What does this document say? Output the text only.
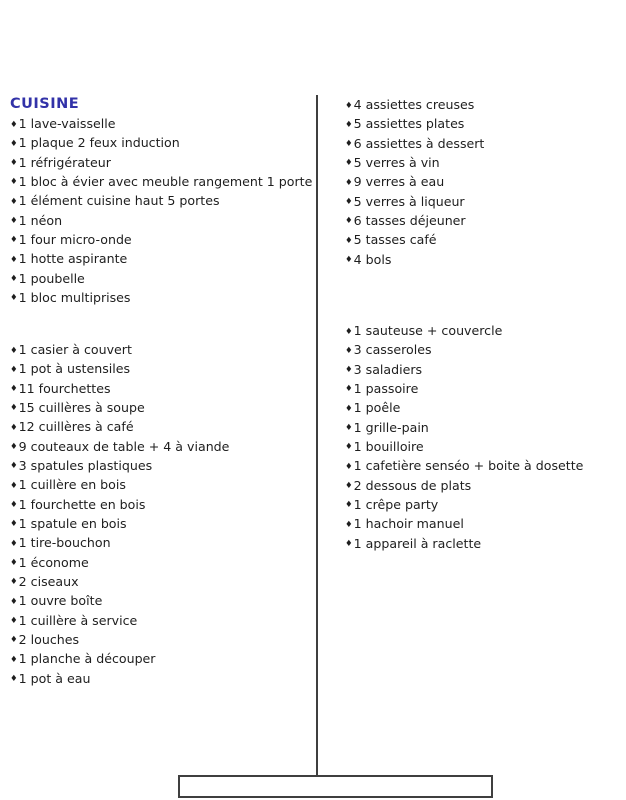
CUISINE
♦1 lave-vaisselle
♦1 plaque 2 feux induction
♦1 réfrigérateur
♦1 bloc à évier avec meuble rangement 1 porte
♦1 élément cuisine haut 5 portes
♦1 néon
♦1 four micro-onde
♦1 hotte aspirante
♦1 poubelle
♦1 bloc multiprises
♦1 casier à couvert
♦1 pot à ustensiles
♦11 fourchettes
♦15 cuillères à soupe
♦12 cuillères à café
♦9 couteaux de table + 4 à viande
♦3 spatules plastiques
♦1 cuillère en bois
♦1 fourchette en bois
♦1 spatule en bois
♦1 tire-bouchon
♦1 économe
♦2 ciseaux
♦1 ouvre boîte
♦1 cuillère à service
♦2 louches
♦1 planche à découper
♦1 pot à eau
♦4 assiettes creuses
♦5 assiettes plates
♦6 assiettes à dessert
♦5 verres à vin
♦9 verres à eau
♦5 verres à liqueur
♦6 tasses déjeuner
♦5 tasses café
♦4 bols
♦1 sauteuse + couvercle
♦3 casseroles
♦3 saladiers
♦1 passoire
♦1 poêle
♦1 grille-pain
♦1 bouilloire
♦1 cafetière senséo + boite à dosette
♦2 dessous de plats
♦1 crêpe party
♦1 hachoir manuel
♦1 appareil à raclette
